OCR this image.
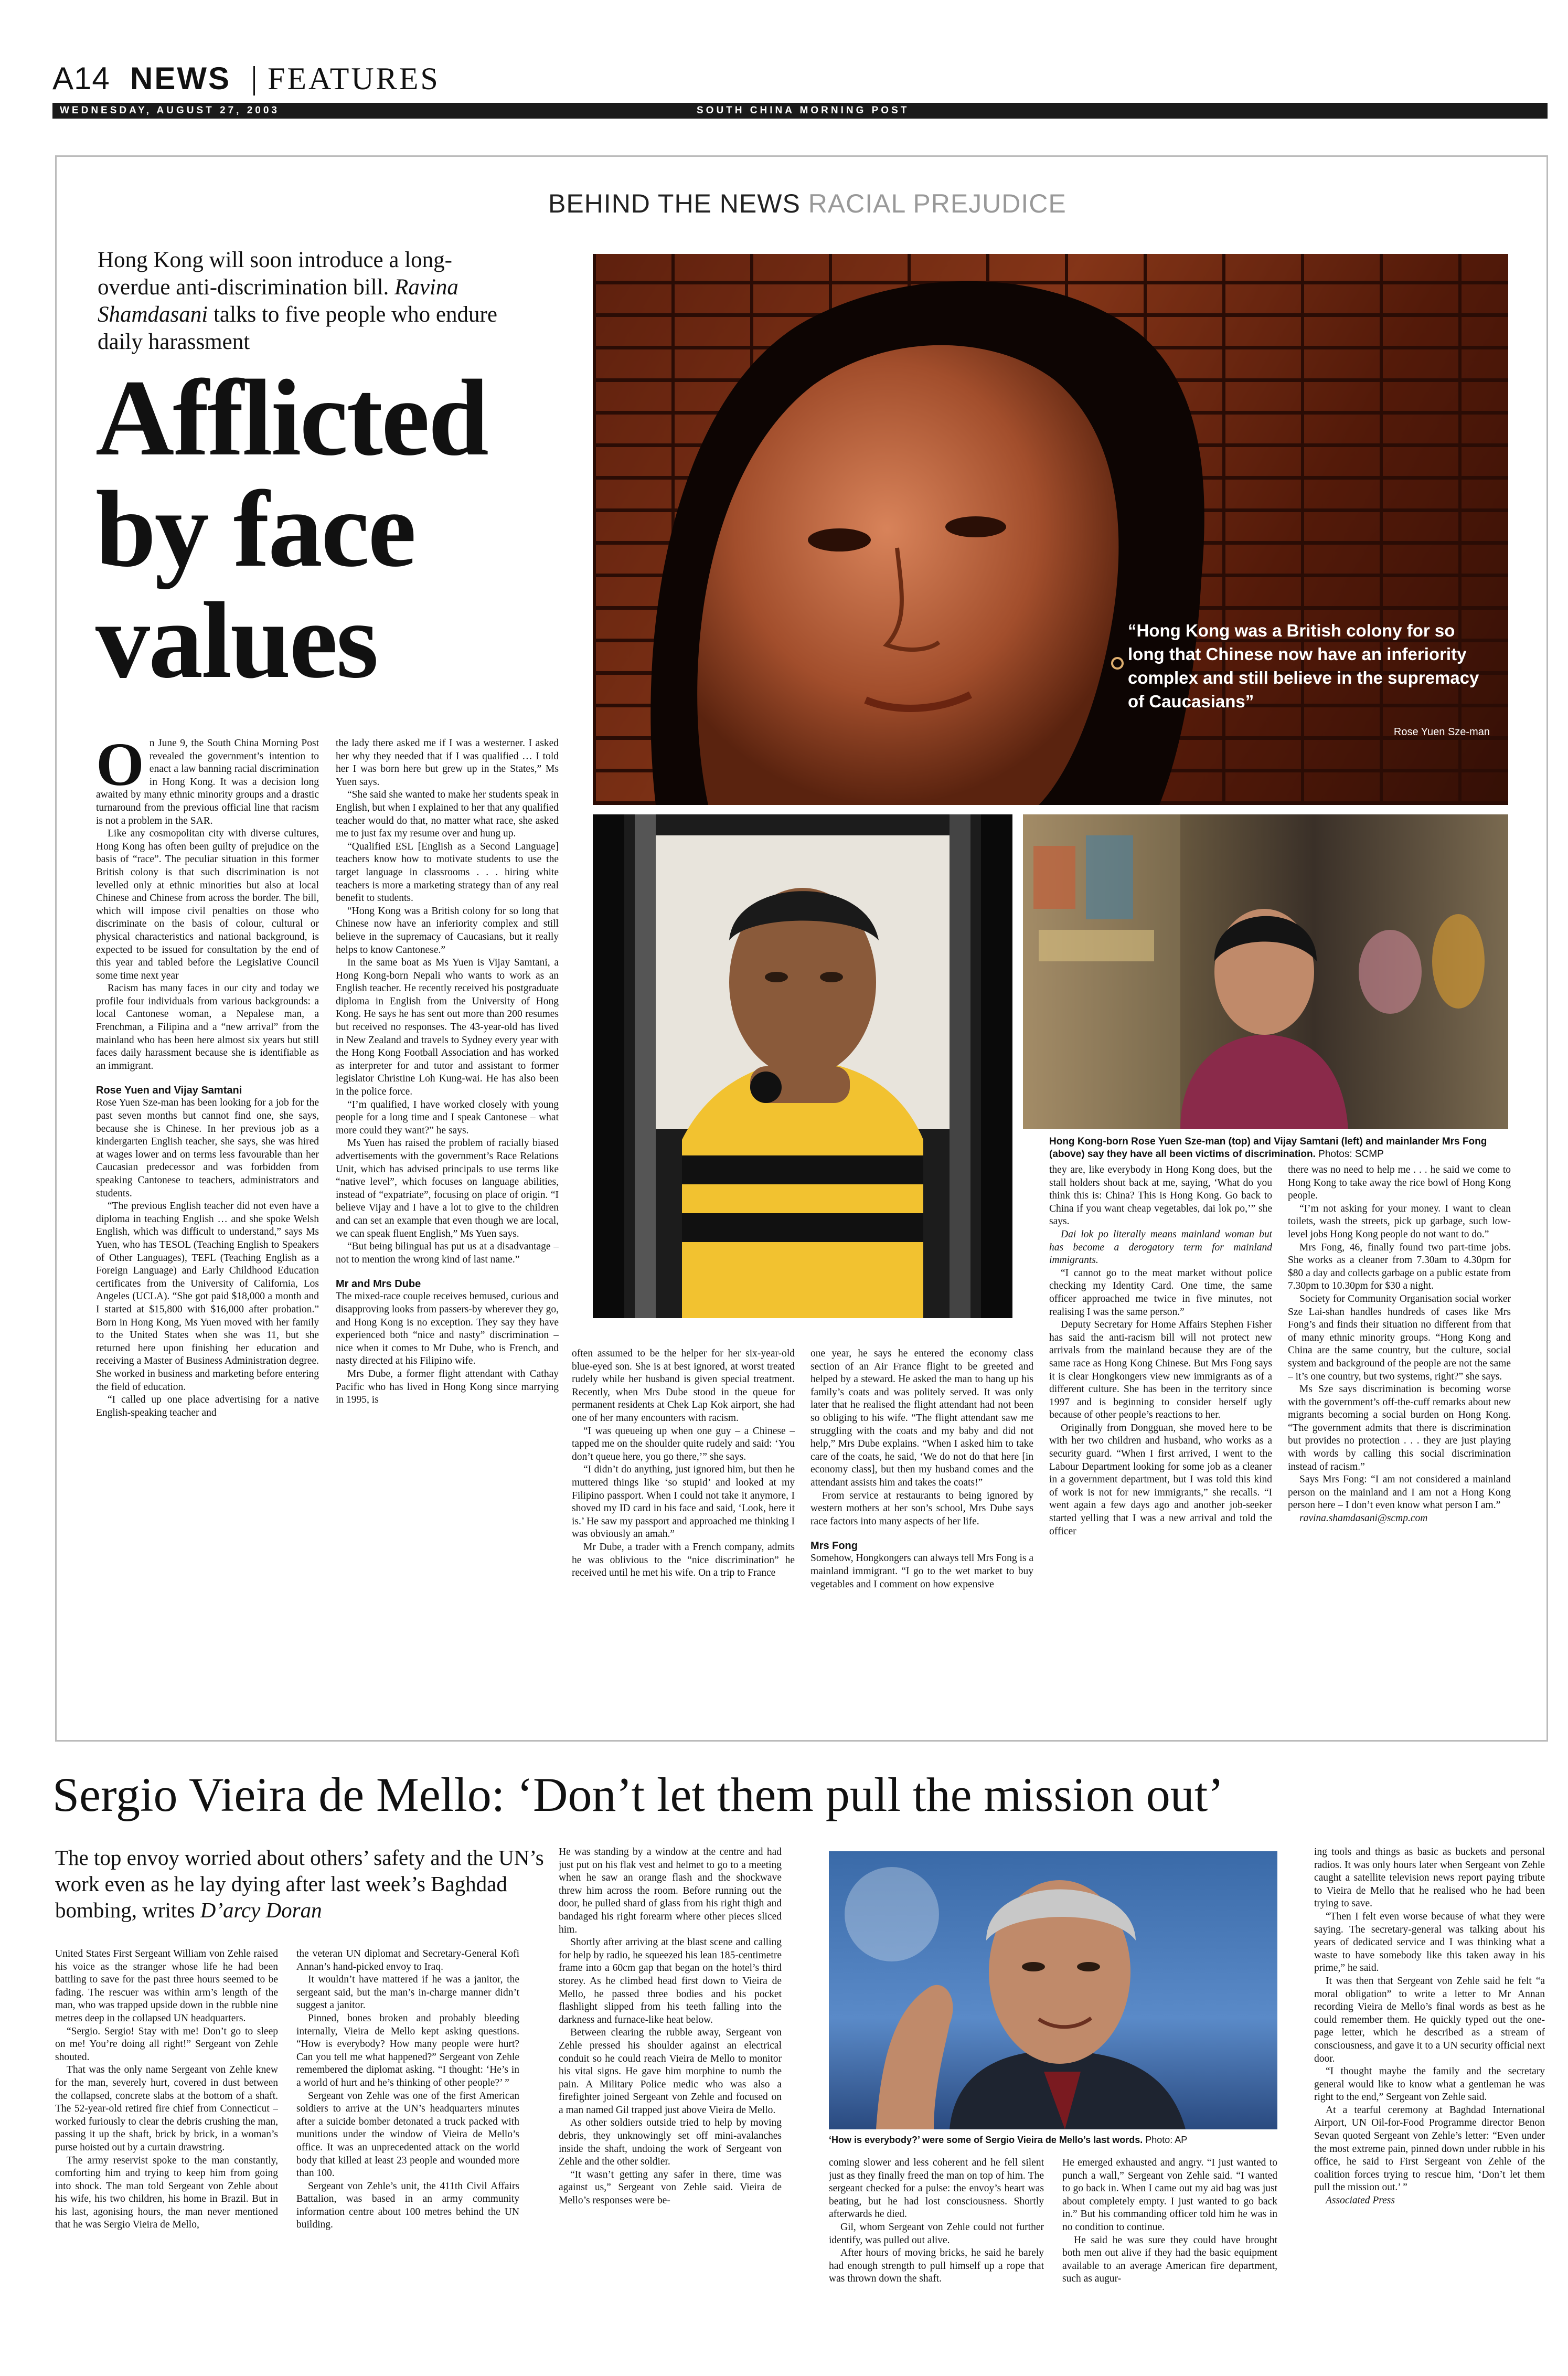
A14 NEWS FEATURES
WEDNESDAY, AUGUST 27, 2003	SOUTH CHINA MORNING POST
BEHIND THE NEWS RACIAL PREJUDICE
Hong Kong will soon introduce a long-overdue anti-discrimination bill. Ravina Shamdasani talks to five people who endure daily harassment
Afflicted by face values	“Hong Kong was a British colony for so long that Chinese now have an inferiority complex and still believe in the supremacy of Caucasians”
Rose Yuen Sze-man
Hong Kong-born Rose Yuen Sze-man (top) and Vijay Samtani (left) and mainlander Mrs Fong (above) say they have all been victims of discrimination. Photos: SCMP

On June 9, the South China Morning Post revealed the government’s intention to enact a law banning racial discrimination in Hong Kong. It was a decision long awaited by many ethnic minority groups and a drastic turnaround from the previous official line that racism is not a problem in the SAR.

Like any cosmopolitan city with diverse cultures, Hong Kong has often been guilty of prejudice on the basis of “race”. The peculiar situation in this former British colony is that such discrimination is not levelled only at ethnic minorities but also at local Chinese and Chinese from across the border. The bill, which will impose civil penalties on those who discriminate on the basis of colour, cultural or physical characteristics and national background, is expected to be issued for consultation by the end of this year and tabled before the Legislative Council some time next year

Racism has many faces in our city and today we profile four individuals from various backgrounds: a local Cantonese woman, a Nepalese man, a Frenchman, a Filipina and a “new arrival” from the mainland who has been here almost six years but still faces daily harassment because she is identifiable as an immigrant.

Rose Yuen and Vijay Samtani

Rose Yuen Sze-man has been looking for a job for the past seven months but cannot find one, she says, because she is Chinese. In her previous job as a kindergarten English teacher, she says, she was hired at wages lower and on terms less favourable than her Caucasian predecessor and was forbidden from speaking Cantonese to teachers, administrators and students.

“The previous English teacher did not even have a diploma in teaching English … and she spoke Welsh English, which was difficult to understand,” says Ms Yuen, who has TESOL (Teaching English to Speakers of Other Languages), TEFL (Teaching English as a Foreign Language) and Early Childhood Education certificates from the University of California, Los Angeles (UCLA). “She got paid $18,000 a month and I started at $15,800 with $16,000 after probation.” Born in Hong Kong, Ms Yuen moved with her family to the United States when she was 11, but she returned here upon finishing her education and receiving a Master of Business Administration degree. She worked in business and marketing before entering the field of education.

“I called up one place advertising for a native English-speaking teacher and

the lady there asked me if I was a westerner. I asked her why they needed that if I was qualified … I told her I was born here but grew up in the States,” Ms Yuen says.

“She said she wanted to make her students speak in English, but when I explained to her that any qualified teacher would do that, no matter what race, she asked me to just fax my resume over and hung up.

“Qualified ESL [English as a Second Language] teachers know how to motivate students to use the target language in classrooms . . . hiring white teachers is more a marketing strategy than of any real benefit to students.

“Hong Kong was a British colony for so long that Chinese now have an inferiority complex and still believe in the supremacy of Caucasians, but it really helps to know Cantonese.”

In the same boat as Ms Yuen is Vijay Samtani, a Hong Kong-born Nepali who wants to work as an English teacher. He recently received his postgraduate diploma in English from the University of Hong Kong. He says he has sent out more than 200 resumes but received no responses. The 43-year-old has lived in New Zealand and travels to Sydney every year with the Hong Kong Football Association and has worked as interpreter for and tutor and assistant to former legislator Christine Loh Kung-wai. He has also been in the police force.

“I’m qualified, I have worked closely with young people for a long time and I speak Cantonese – what more could they want?” he says.

Ms Yuen has raised the problem of racially biased advertisements with the government’s Race Relations Unit, which has advised principals to use terms like “native level”, which focuses on language abilities, instead of “expatriate”, focusing on place of origin. “I believe Vijay and I have a lot to give to the children and can set an example that even though we are local, we can speak fluent English,” Ms Yuen says.

“But being bilingual has put us at a disadvantage – not to mention the wrong kind of last name.”

Mr and Mrs Dube

The mixed-race couple receives bemused, curious and disapproving looks from passers-by wherever they go, and Hong Kong is no exception. They say they have experienced both “nice and nasty” discrimination – nice when it comes to Mr Dube, who is French, and nasty directed at his Filipino wife.

Mrs Dube, a former flight attendant with Cathay Pacific who has lived in Hong Kong since marrying in 1995, is

often assumed to be the helper for her six-year-old blue-eyed son. She is at best ignored, at worst treated rudely while her husband is given special treatment. Recently, when Mrs Dube stood in the queue for permanent residents at Chek Lap Kok airport, she had one of her many encounters with racism.

“I was queueing up when one guy – a Chinese – tapped me on the shoulder quite rudely and said: ‘You don’t queue here, you go there,’” she says.

“I didn’t do anything, just ignored him, but then he muttered things like ‘so stupid’ and looked at my Filipino passport. When I could not take it anymore, I shoved my ID card in his face and said, ‘Look, here it is.’ He saw my passport and approached me thinking I was obviously an amah.”

Mr Dube, a trader with a French company, admits he was oblivious to the “nice discrimination” he received until he met his wife. On a trip to France

one year, he says he entered the economy class section of an Air France flight to be greeted and helped by a steward. He asked the man to hang up his family’s coats and was politely served. It was only later that he realised the flight attendant had not been so obliging to his wife. “The flight attendant saw me struggling with the coats and my baby and did not help,” Mrs Dube explains. “When I asked him to take care of the coats, he said, ‘We do not do that here [in economy class], but then my husband comes and the attendant assists him and takes the coats!”

From service at restaurants to being ignored by western mothers at her son’s school, Mrs Dube says race factors into many aspects of her life.

Mrs Fong

Somehow, Hongkongers can always tell Mrs Fong is a mainland immigrant. “I go to the wet market to buy vegetables and I comment on how expensive

they are, like everybody in Hong Kong does, but the stall holders shout back at me, saying, ‘What do you think this is: China? This is Hong Kong. Go back to China if you want cheap vegetables, dai lok po,’” she says.

Dai lok po literally means mainland woman but has become a derogatory term for mainland immigrants.

“I cannot go to the meat market without police checking my Identity Card. One time, the same officer approached me twice in five minutes, not realising I was the same person.”

Deputy Secretary for Home Affairs Stephen Fisher has said the anti-racism bill will not protect new arrivals from the mainland because they are of the same race as Hong Kong Chinese. But Mrs Fong says it is clear Hongkongers view new immigrants as of a different culture. She has been in the territory since 1997 and is beginning to consider herself ugly because of other people’s reactions to her.

Originally from Dongguan, she moved here to be with her two children and husband, who works as a security guard. “When I first arrived, I went to the Labour Department looking for some job as a cleaner in a government department, but I was told this kind of work is not for new immigrants,” she recalls. “I went again a few days ago and another job-seeker started yelling that I was a new arrival and told the officer

there was no need to help me . . . he said we come to Hong Kong to take away the rice bowl of Hong Kong people.

“I’m not asking for your money. I want to clean toilets, wash the streets, pick up garbage, such low-level jobs Hong Kong people do not want to do.”

Mrs Fong, 46, finally found two part-time jobs. She works as a cleaner from 7.30am to 4.30pm for $80 a day and collects garbage on a public estate from 7.30pm to 10.30pm for $30 a night.

Society for Community Organisation social worker Sze Lai-shan handles hundreds of cases like Mrs Fong’s and finds their situation no different from that of many ethnic minority groups. “Hong Kong and China are the same country, but the culture, social system and background of the people are not the same – it’s one country, but two systems, right?” she says.

Ms Sze says discrimination is becoming worse with the government’s off-the-cuff remarks about new migrants becoming a social burden on Hong Kong. “The government admits that there is discrimination but provides no protection . . . they are just playing with words by calling this social discrimination instead of racism.”

Says Mrs Fong: “I am not considered a mainland person on the mainland and I am not a Hong Kong person here – I don’t even know what person I am.”

ravina.shamdasani@scmp.com

Sergio Vieira de Mello: ‘Don’t let them pull the mission out’
The top envoy worried about others’ safety and the UN’s work even as he lay dying after last week’s Baghdad bombing, writes D’arcy Doran
‘How is everybody?’ were some of Sergio Vieira de Mello’s last words. Photo: AP

United States First Sergeant William von Zehle raised his voice as the stranger whose life he had been battling to save for the past three hours seemed to be fading. The rescuer was within arm’s length of the man, who was trapped upside down in the rubble nine metres deep in the collapsed UN headquarters.

“Sergio. Sergio! Stay with me! Don’t go to sleep on me! You’re doing all right!” Sergeant von Zehle shouted.

That was the only name Sergeant von Zehle knew for the man, severely hurt, covered in dust between the collapsed, concrete slabs at the bottom of a shaft. The 52-year-old retired fire chief from Connecticut – worked furiously to clear the debris crushing the man, passing it up the shaft, brick by brick, in a woman’s purse hoisted out by a curtain drawstring.

The army reservist spoke to the man constantly, comforting him and trying to keep him from going into shock. The man told Sergeant von Zehle about his wife, his two children, his home in Brazil. But in his last, agonising hours, the man never mentioned that he was Sergio Vieira de Mello,

the veteran UN diplomat and Secretary-General Kofi Annan’s hand-picked envoy to Iraq.

It wouldn’t have mattered if he was a janitor, the sergeant said, but the man’s in-charge manner didn’t suggest a janitor.

Pinned, bones broken and probably bleeding internally, Vieira de Mello kept asking questions. “How is everybody? How many people were hurt? Can you tell me what happened?” Sergeant von Zehle remembered the diplomat asking. “I thought: ‘He’s in a world of hurt and he’s thinking of other people?’ ”

Sergeant von Zehle was one of the first American soldiers to arrive at the UN’s headquarters minutes after a suicide bomber detonated a truck packed with munitions under the window of Vieira de Mello’s office. It was an unprecedented attack on the world body that killed at least 23 people and wounded more than 100.

Sergeant von Zehle’s unit, the 411th Civil Affairs Battalion, was based in an army community information centre about 100 metres behind the UN building.

He was standing by a window at the centre and had just put on his flak vest and helmet to go to a meeting when he saw an orange flash and the shockwave threw him across the room. Before running out the door, he pulled shard of glass from his right thigh and bandaged his right forearm where other pieces sliced him.

Shortly after arriving at the blast scene and calling for help by radio, he squeezed his lean 185-centimetre frame into a 60cm gap that began on the hotel’s third storey. As he climbed head first down to Vieira de Mello, he passed three bodies and his pocket flashlight slipped from his teeth falling into the darkness and furnace-like heat below.

Between clearing the rubble away, Sergeant von Zehle pressed his shoulder against an electrical conduit so he could reach Vieira de Mello to monitor his vital signs. He gave him morphine to numb the pain. A Military Police medic who was also a firefighter joined Sergeant von Zehle and focused on a man named Gil trapped just above Vieira de Mello.

As other soldiers outside tried to help by moving debris, they unknowingly set off mini-avalanches inside the shaft, undoing the work of Sergeant von Zehle and the other soldier.

“It wasn’t getting any safer in there, time was against us,” Sergeant von Zehle said. Vieira de Mello’s responses were be-

coming slower and less coherent and he fell silent just as they finally freed the man on top of him. The sergeant checked for a pulse: the envoy’s heart was beating, but he had lost consciousness. Shortly afterwards he died.

Gil, whom Sergeant von Zehle could not further identify, was pulled out alive.

After hours of moving bricks, he said he barely had enough strength to pull himself up a rope that was thrown down the shaft.

He emerged exhausted and angry. “I just wanted to punch a wall,” Sergeant von Zehle said. “I wanted to go back in. When I came out my aid bag was just about completely empty. I just wanted to go back in.” But his commanding officer told him he was in no condition to continue.

He said he was sure they could have brought both men out alive if they had the basic equipment available to an average American fire department, such as augur-

ing tools and things as basic as buckets and personal radios. It was only hours later when Sergeant von Zehle caught a satellite television news report paying tribute to Vieira de Mello that he realised who he had been trying to save.

“Then I felt even worse because of what they were saying. The secretary-general was talking about his years of dedicated service and I was thinking what a waste to have somebody like this taken away in his prime,” he said.

It was then that Sergeant von Zehle said he felt “a moral obligation” to write a letter to Mr Annan recording Vieira de Mello’s final words as best as he could remember them. He quickly typed out the one-page letter, which he described as a stream of consciousness, and gave it to a UN security official next door.

“I thought maybe the family and the secretary general would like to know what a gentleman he was right to the end,” Sergeant von Zehle said.

At a tearful ceremony at Baghdad International Airport, UN Oil-for-Food Programme director Benon Sevan quoted Sergeant von Zehle’s letter: “Even under the most extreme pain, pinned down under rubble in his office, he said to First Sergeant von Zehle of the coalition forces trying to rescue him, ‘Don’t let them pull the mission out.’ ”

Associated Press
